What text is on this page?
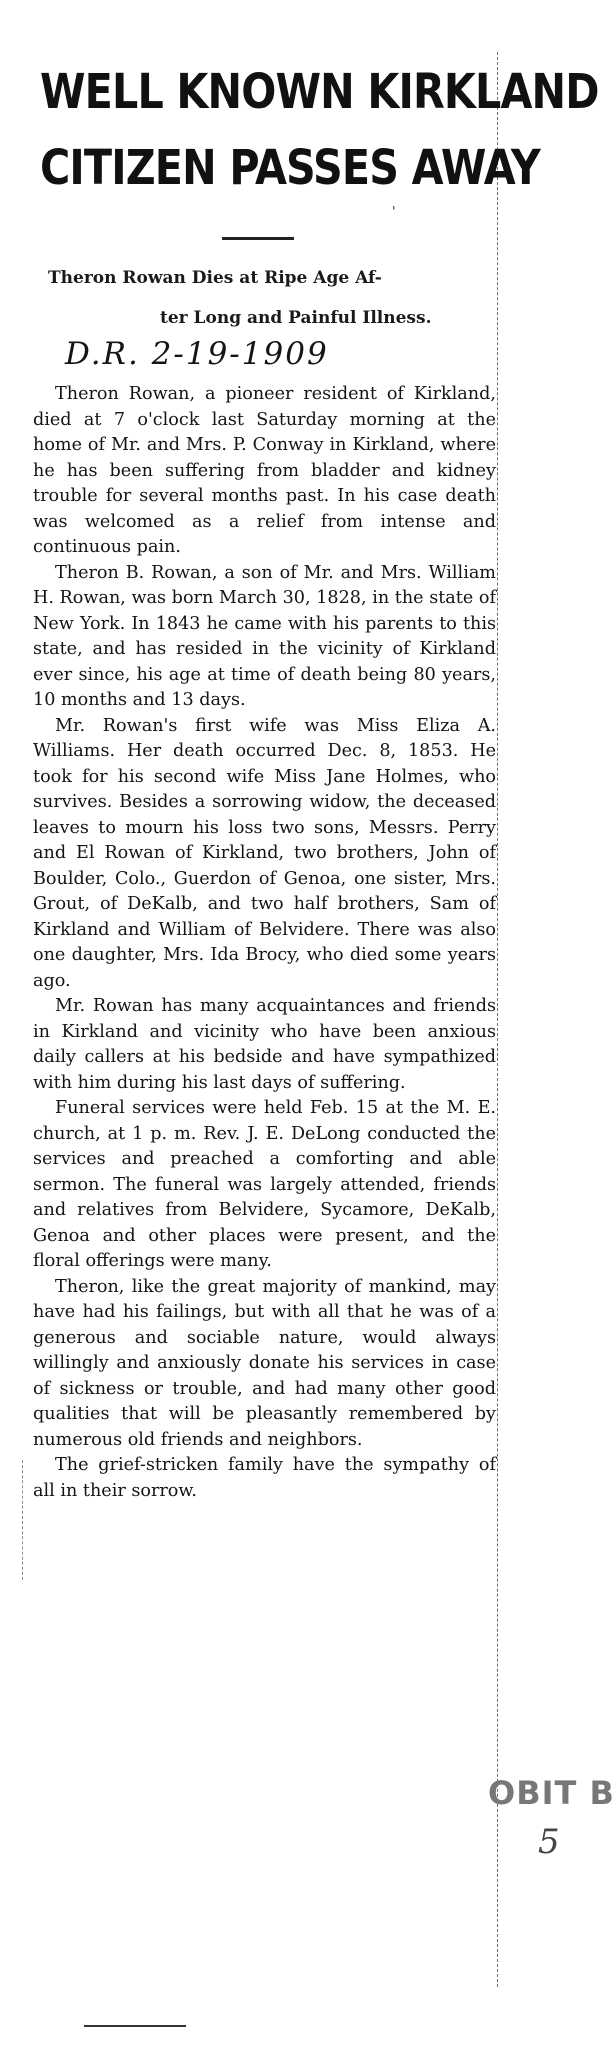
WELL KNOWN KIRKLAND
CITIZEN PASSES AWAY
'

Theron Rowan Dies at Ripe Age Af-

ter Long and Painful Illness.

D.R. 2-19-1909

Theron Rowan, a pioneer resident of Kirkland, died at 7 o'clock last Saturday morning at the home of Mr. and Mrs. P. Conway in Kirkland, where he has been suffering from bladder and kidney trouble for several months past. In his case death was welcomed as a relief from intense and continuous pain.

Theron B. Rowan, a son of Mr. and Mrs. William H. Rowan, was born March 30, 1828, in the state of New York. In 1843 he came with his parents to this state, and has resided in the vicinity of Kirkland ever since, his age at time of death being 80 years, 10 months and 13 days.

Mr. Rowan's first wife was Miss Eliza A. Williams. Her death occurred Dec. 8, 1853. He took for his second wife Miss Jane Holmes, who survives. Besides a sorrowing widow, the deceased leaves to mourn his loss two sons, Messrs. Perry and El Rowan of Kirkland, two brothers, John of Boulder, Colo., Guerdon of Genoa, one sister, Mrs. Grout, of DeKalb, and two half brothers, Sam of Kirkland and William of Belvidere. There was also one daughter, Mrs. Ida Brocy, who died some years ago.

Mr. Rowan has many acquaintances and friends in Kirkland and vicinity who have been anxious daily callers at his bedside and have sympathized with him during his last days of suffering.

Funeral services were held Feb. 15 at the M. E. church, at 1 p. m. Rev. J. E. DeLong conducted the services and preached a comforting and able sermon. The funeral was largely attended, friends and relatives from Belvidere, Sycamore, DeKalb, Genoa and other places were present, and the floral offerings were many.

Theron, like the great majority of mankind, may have had his failings, but with all that he was of a generous and sociable nature, would always willingly and anxiously donate his services in case of sickness or trouble, and had many other good qualities that will be pleasantly remembered by numerous old friends and neighbors.

The grief-stricken family have the sympathy of all in their sorrow.

OBIT B

5
